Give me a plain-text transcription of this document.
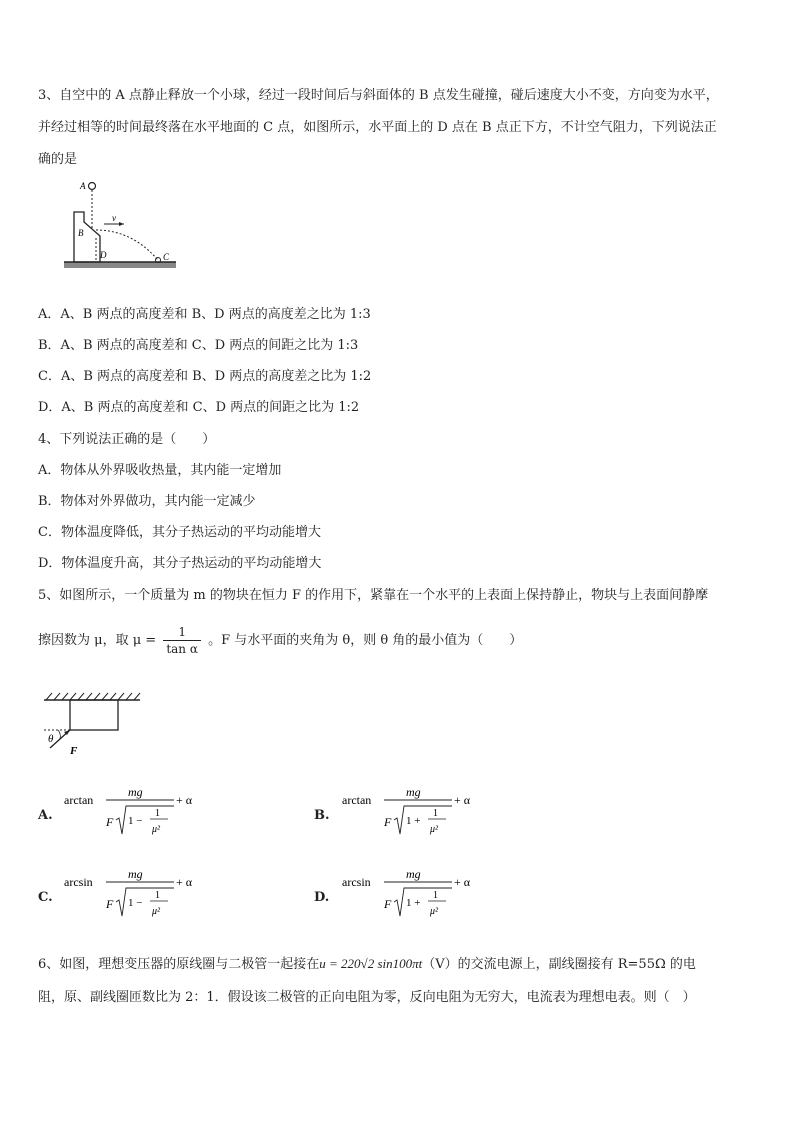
3、自空中的 A 点静止释放一个小球，经过一段时间后与斜面体的 B 点发生碰撞，碰后速度大小不变，方向变为水平，
并经过相等的时间最终落在水平地面的 C 点，如图所示，水平面上的 D 点在 B 点正下方，不计空气阻力，下列说法正
确的是
A
B
D	C
v
A．A、B 两点的高度差和 B、D 两点的高度差之比为 1:3
B．A、B 两点的高度差和 C、D 两点的间距之比为 1:3
C．A、B 两点的高度差和 B、D 两点的高度差之比为 1:2
D．A、B 两点的高度差和 C、D 两点的间距之比为 1:2
4、下列说法正确的是（　　）
A．物体从外界吸收热量，其内能一定增加
B．物体对外界做功，其内能一定减少
C．物体温度降低，其分子热运动的平均动能增大
D．物体温度升高，其分子热运动的平均动能增大
5、如图所示，一个质量为 m 的物块在恒力 F 的作用下，紧靠在一个水平的上表面上保持静止，物块与上表面间静摩
擦因数为 μ，取 $\mu = \frac{1}{\text{tan α}}$ 。F 与水平面的夹角为 θ，则 θ 角的最小值为（　　）
θ
F
A.
arctan
mg
F 1 −
1
μ²
+ α
B.
arctan
mg
F 1 +
1
μ²
+ α
C.
arcsin
mg
F 1 −
1
μ²
+ α
D.
arcsin
mg
F 1 +
1
μ²
+ α
6、如图，理想变压器的原线圈与二极管一起接在u = 220√2 sin100πt（V）的交流电源上，副线圈接有 R=55Ω 的电
阻，原、副线圈匝数比为 2：1．假设该二极管的正向电阻为零，反向电阻为无穷大，电流表为理想电表。则（　）
